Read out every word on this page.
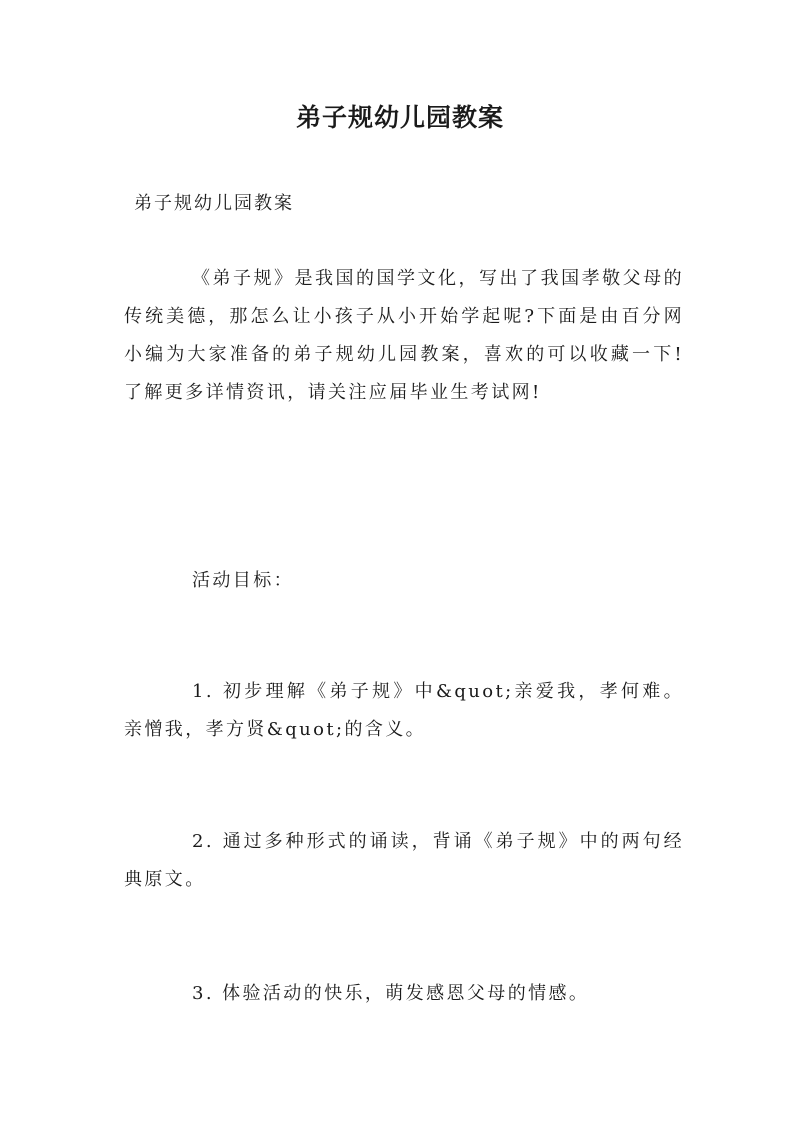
弟子规幼儿园教案

弟子规幼儿园教案

《弟子规》是我国的国学文化，写出了我国孝敬父母的传统美德，那怎么让小孩子从小开始学起呢?下面是由百分网小编为大家准备的弟子规幼儿园教案，喜欢的可以收藏一下!了解更多详情资讯，请关注应届毕业生考试网!

活动目标：

1. 初步理解《弟子规》中&quot;亲爱我，孝何难。亲憎我，孝方贤&quot;的含义。

2. 通过多种形式的诵读，背诵《弟子规》中的两句经典原文。

3. 体验活动的快乐，萌发感恩父母的情感。
